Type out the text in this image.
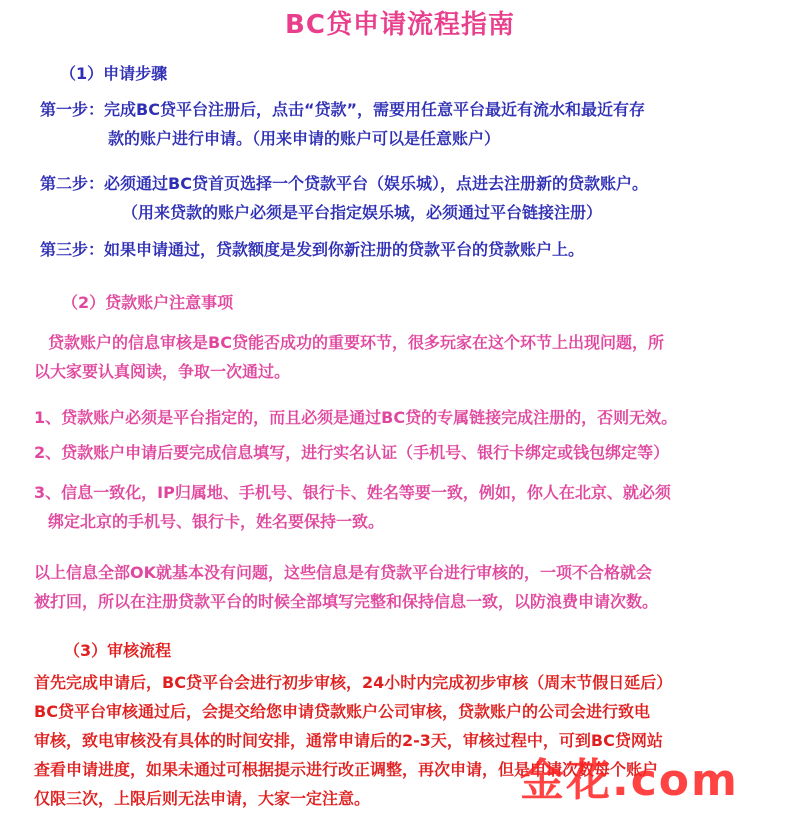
BC贷申请流程指南
（1）申请步骤
第一步：完成BC贷平台注册后，点击“贷款”，需要用任意平台最近有流水和最近有存
款的账户进行申请。（用来申请的账户可以是任意账户）
第二步：必须通过BC贷首页选择一个贷款平台（娱乐城），点进去注册新的贷款账户。
（用来贷款的账户必须是平台指定娱乐城，必须通过平台链接注册）
第三步：如果申请通过，贷款额度是发到你新注册的贷款平台的贷款账户上。
（2）贷款账户注意事项
贷款账户的信息审核是BC贷能否成功的重要环节，很多玩家在这个环节上出现问题，所
以大家要认真阅读，争取一次通过。
1、贷款账户必须是平台指定的，而且必须是通过BC贷的专属链接完成注册的，否则无效。
2、贷款账户申请后要完成信息填写，进行实名认证（手机号、银行卡绑定或钱包绑定等）
3、信息一致化，IP归属地、手机号、银行卡、姓名等要一致，例如，你人在北京、就必须
绑定北京的手机号、银行卡，姓名要保持一致。
以上信息全部OK就基本没有问题，这些信息是有贷款平台进行审核的，一项不合格就会
被打回，所以在注册贷款平台的时候全部填写完整和保持信息一致，以防浪费申请次数。
（3）审核流程
首先完成申请后，BC贷平台会进行初步审核，24小时内完成初步审核（周末节假日延后）
BC贷平台审核通过后，会提交给您申请贷款账户公司审核，贷款账户的公司会进行致电
审核，致电审核没有具体的时间安排，通常申请后的2-3天，审核过程中，可到BC贷网站
查看申请进度，如果未通过可根据提示进行改正调整，再次申请，但是申请次数每个账户
仅限三次，上限后则无法申请，大家一定注意。	金花.com
